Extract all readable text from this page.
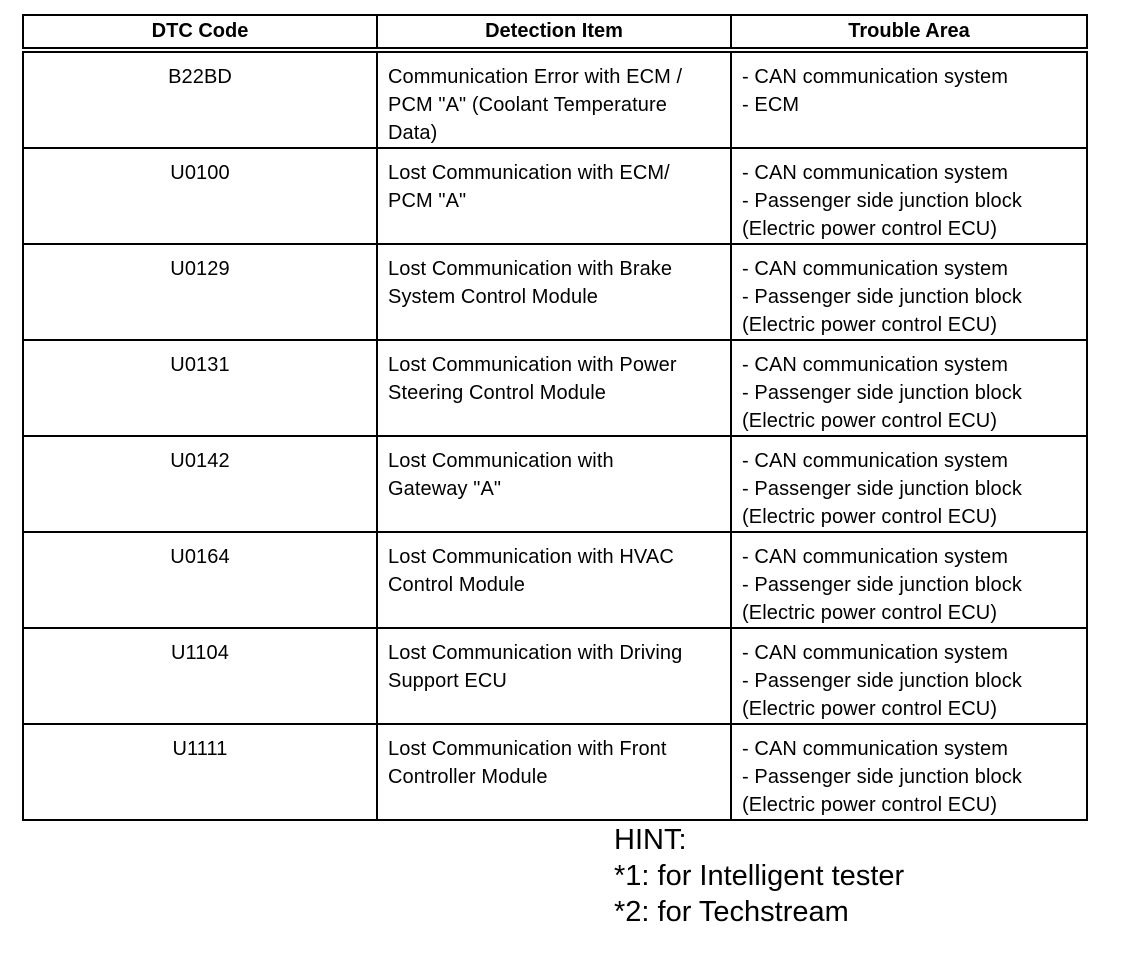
DTC Code	Detection Item	Trouble Area
B22BD	Communication Error with ECM /
PCM "A" (Coolant Temperature
Data)	- CAN communication system
- ECM

U0100	Lost Communication with ECM/
PCM "A"	- CAN communication system
- Passenger side junction block
(Electric power control ECU)

U0129	Lost Communication with Brake
System Control Module	- CAN communication system
- Passenger side junction block
(Electric power control ECU)

U0131	Lost Communication with Power
Steering Control Module	- CAN communication system
- Passenger side junction block
(Electric power control ECU)

U0142	Lost Communication with
Gateway "A"	- CAN communication system
- Passenger side junction block
(Electric power control ECU)

U0164	Lost Communication with HVAC
Control Module	- CAN communication system
- Passenger side junction block
(Electric power control ECU)

U1104	Lost Communication with Driving
Support ECU	- CAN communication system
- Passenger side junction block
(Electric power control ECU)

U1111	Lost Communication with Front
Controller Module	- CAN communication system
- Passenger side junction block
(Electric power control ECU)
HINT:
*1: for Intelligent tester
*2: for Techstream
